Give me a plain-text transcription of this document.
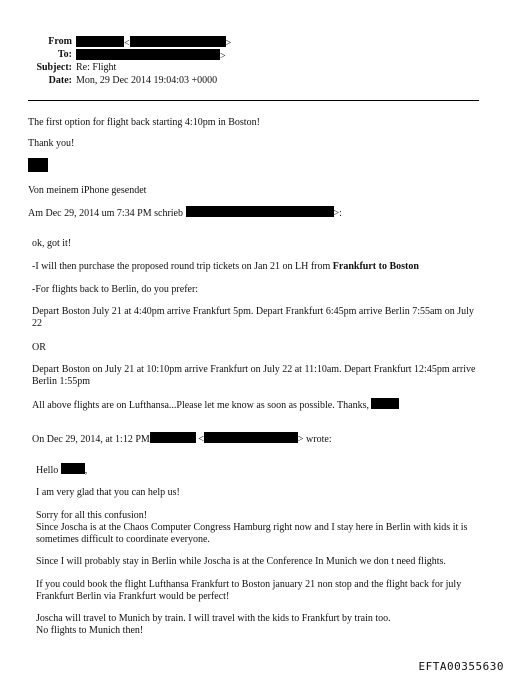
From	<	>
To:	>
Subject: Re: Flight
Date: Mon, 29 Dec 2014 19:04:03 +0000
The first option for flight back starting 4:10pm in Boston!
Thank you!
Von meinem iPhone gesendet
Am Dec 29, 2014 um 7:34 PM schrieb	>:
ok, got it!
-I will then purchase the proposed round trip tickets on Jan 21 on LH from Frankfurt to Boston
-For flights back to Berlin, do you prefer:
Depart Boston July 21 at 4:40pm arrive Frankfurt 5pm. Depart Frankfurt 6:45pm arrive Berlin 7:55am on July 22
OR
Depart Boston on July 21 at 10:10pm arrive Frankfurt on July 22 at 11:10am. Depart Frankfurt 12:45pm arrive Berlin 1:55pm
All above flights are on Lufthansa...Please let me know as soon as possible. Thanks,
On Dec 29, 2014, at 1:12 PM	<	> wrote:
Hello	,
I am very glad that you can help us!
Sorry for all this confusion!
Since Joscha is at the Chaos Computer Congress Hamburg right now and I stay here in Berlin with kids it is sometimes difficult to coordinate everyone.
Since I will probably stay in Berlin while Joscha is at the Conference In Munich we don t need flights.
If you could book the flight Lufthansa Frankfurt to Boston january 21 non stop and the flight back for july Frankfurt Berlin via Frankfurt would be perfect!
Joscha will travel to Munich by train. I will travel with the kids to Frankfurt by train too.
No flights to Munich then!
EFTA00355630
